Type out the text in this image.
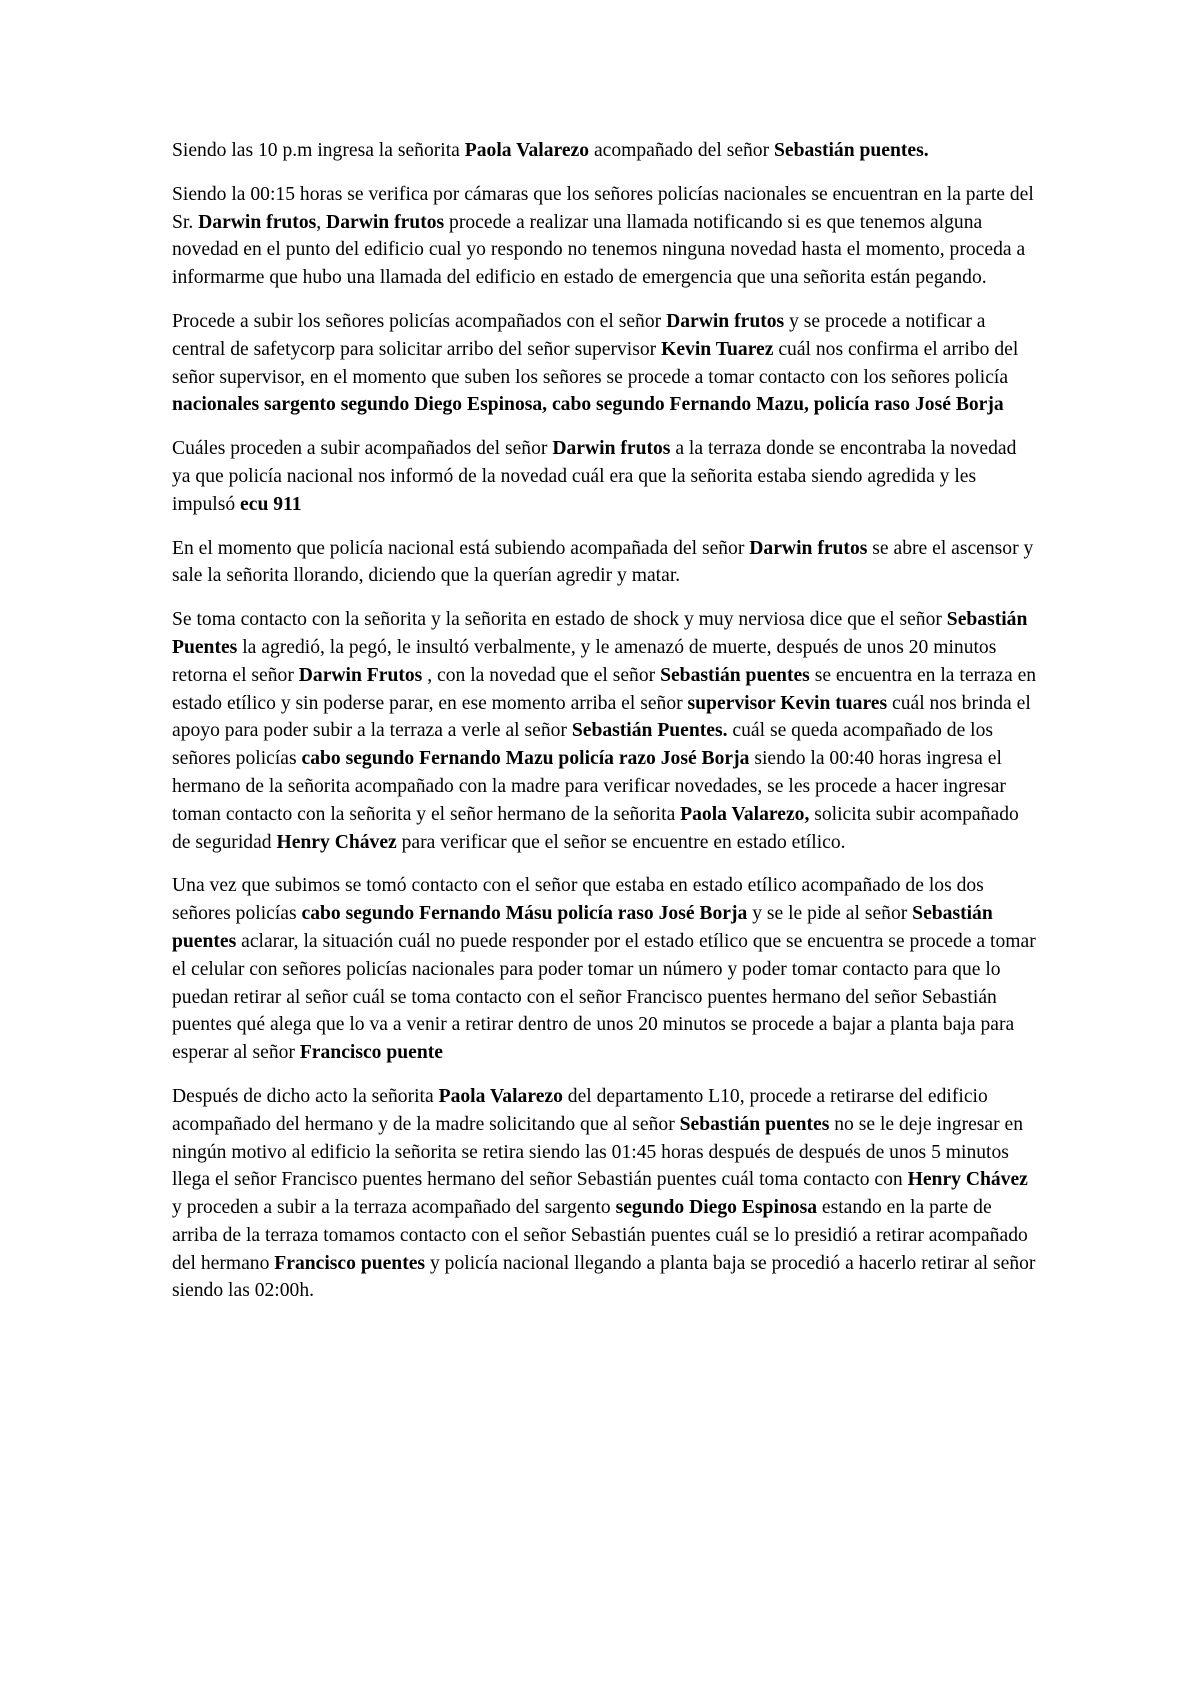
Siendo las 10 p.m ingresa la señorita Paola Valarezo acompañado del señor Sebastián puentes.

Siendo la 00:15 horas se verifica por cámaras que los señores policías nacionales se encuentran en la parte del Sr. Darwin frutos, Darwin frutos procede a realizar una llamada notificando si es que tenemos alguna novedad en el punto del edificio cual yo respondo no tenemos ninguna novedad hasta el momento, proceda a informarme que hubo una llamada del edificio en estado de emergencia que una señorita están pegando.

Procede a subir los señores policías acompañados con el señor Darwin frutos y se procede a notificar a central de safetycorp para solicitar arribo del señor supervisor Kevin Tuarez cuál nos confirma el arribo del señor supervisor, en el momento que suben los señores se procede a tomar contacto con los señores policía nacionales sargento segundo Diego Espinosa, cabo segundo Fernando Mazu, policía raso José Borja

Cuáles proceden a subir acompañados del señor Darwin frutos a la terraza donde se encontraba la novedad ya que policía nacional nos informó de la novedad cuál era que la señorita estaba siendo agredida y les impulsó ecu 911

En el momento que policía nacional está subiendo acompañada del señor Darwin frutos se abre el ascensor y sale la señorita llorando, diciendo que la querían agredir y matar.

Se toma contacto con la señorita y la señorita en estado de shock y muy nerviosa dice que el señor Sebastián Puentes la agredió, la pegó, le insultó verbalmente, y le amenazó de muerte, después de unos 20 minutos retorna el señor Darwin Frutos , con la novedad que el señor Sebastián puentes se encuentra en la terraza en estado etílico y sin poderse parar, en ese momento arriba el señor supervisor Kevin tuares cuál nos brinda el apoyo para poder subir a la terraza a verle al señor Sebastián Puentes. cuál se queda acompañado de los señores policías cabo segundo Fernando Mazu policía razo José Borja siendo la 00:40 horas ingresa el hermano de la señorita acompañado con la madre para verificar novedades, se les procede a hacer ingresar toman contacto con la señorita y el señor hermano de la señorita Paola Valarezo, solicita subir acompañado de seguridad Henry Chávez para verificar que el señor se encuentre en estado etílico.

Una vez que subimos se tomó contacto con el señor que estaba en estado etílico acompañado de los dos señores policías cabo segundo Fernando Másu policía raso José Borja y se le pide al señor Sebastián puentes aclarar, la situación cuál no puede responder por el estado etílico que se encuentra se procede a tomar el celular con señores policías nacionales para poder tomar un número y poder tomar contacto para que lo puedan retirar al señor cuál se toma contacto con el señor Francisco puentes hermano del señor Sebastián puentes qué alega que lo va a venir a retirar dentro de unos 20 minutos se procede a bajar a planta baja para esperar al señor Francisco puente

Después de dicho acto la señorita Paola Valarezo del departamento L10, procede a retirarse del edificio acompañado del hermano y de la madre solicitando que al señor Sebastián puentes no se le deje ingresar en ningún motivo al edificio la señorita se retira siendo las 01:45 horas después de después de unos 5 minutos llega el señor Francisco puentes hermano del señor Sebastián puentes cuál toma contacto con Henry Chávez y proceden a subir a la terraza acompañado del sargento segundo Diego Espinosa estando en la parte de arriba de la terraza tomamos contacto con el señor Sebastián puentes cuál se lo presidió a retirar acompañado del hermano Francisco puentes y policía nacional llegando a planta baja se procedió a hacerlo retirar al señor siendo las 02:00h.
